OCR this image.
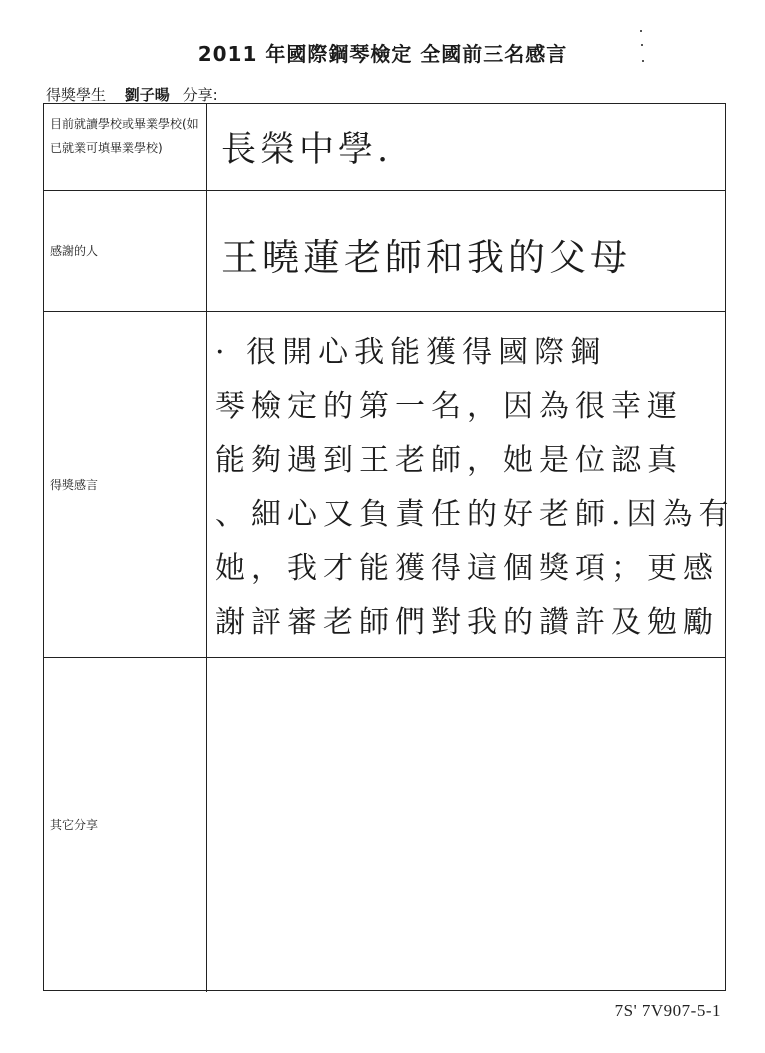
2011 年國際鋼琴檢定 全國前三名感言
得獎學生 劉子暘 分享:
目前就讀學校或畢業學校(如已就業可填畢業學校)	長榮中學.
感謝的人	王曉蓮老師和我的父母
得獎感言
· 很開心我能獲得國際鋼
琴檢定的第一名，因為很幸運
能夠遇到王老師，她是位認真
、細心又負責任的好老師.因為有
她，我才能獲得這個獎項；更感
謝評審老師們對我的讚許及勉勵
其它分享
7S' 7V907-5-1
